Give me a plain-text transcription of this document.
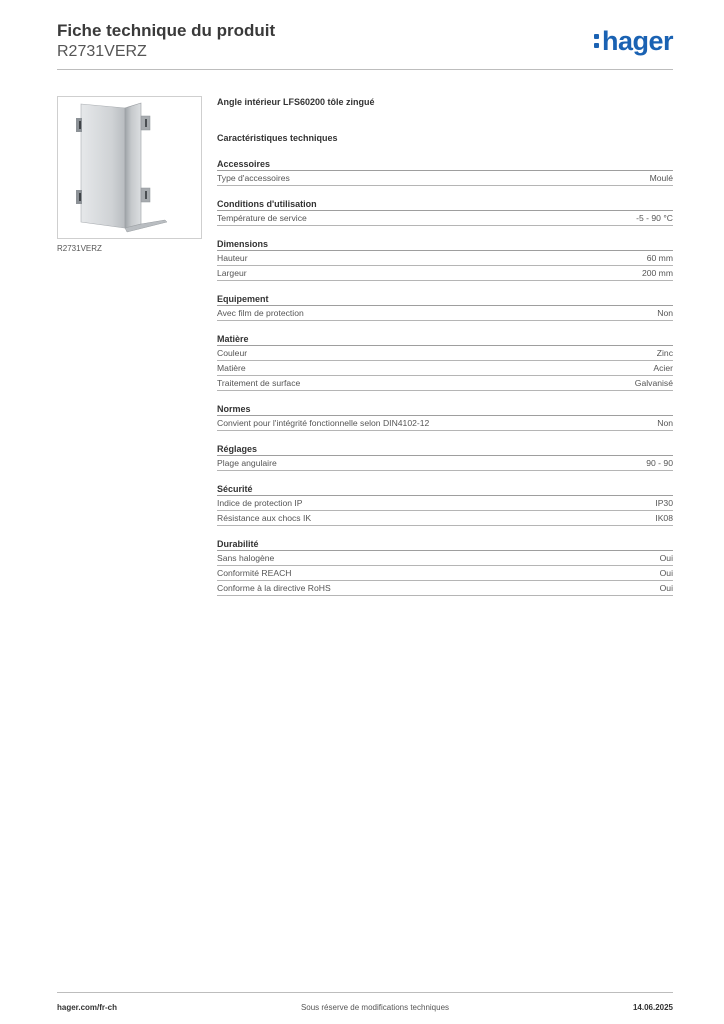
Fiche technique du produit
R2731VERZ	hager
R2731VERZ
Angle intérieur LFS60200 tôle zingué
Caractéristiques techniques
Accessoires
Type d'accessoires	Moulé
Conditions d'utilisation
Température de service	-5 - 90 °C
Dimensions
Hauteur	60 mm
Largeur	200 mm
Equipement
Avec film de protection	Non
Matière
Couleur	Zinc
Matière	Acier
Traitement de surface	Galvanisé
Normes
Convient pour l'intégrité fonctionnelle selon DIN4102-12	Non
Réglages
Plage angulaire	90 - 90
Sécurité
Indice de protection IP	IP30
Résistance aux chocs IK	IK08
Durabilité
Sans halogène	Oui
Conformité REACH	Oui
Conforme à la directive RoHS	Oui
hager.com/fr-ch	Sous réserve de modifications techniques	14.06.2025
